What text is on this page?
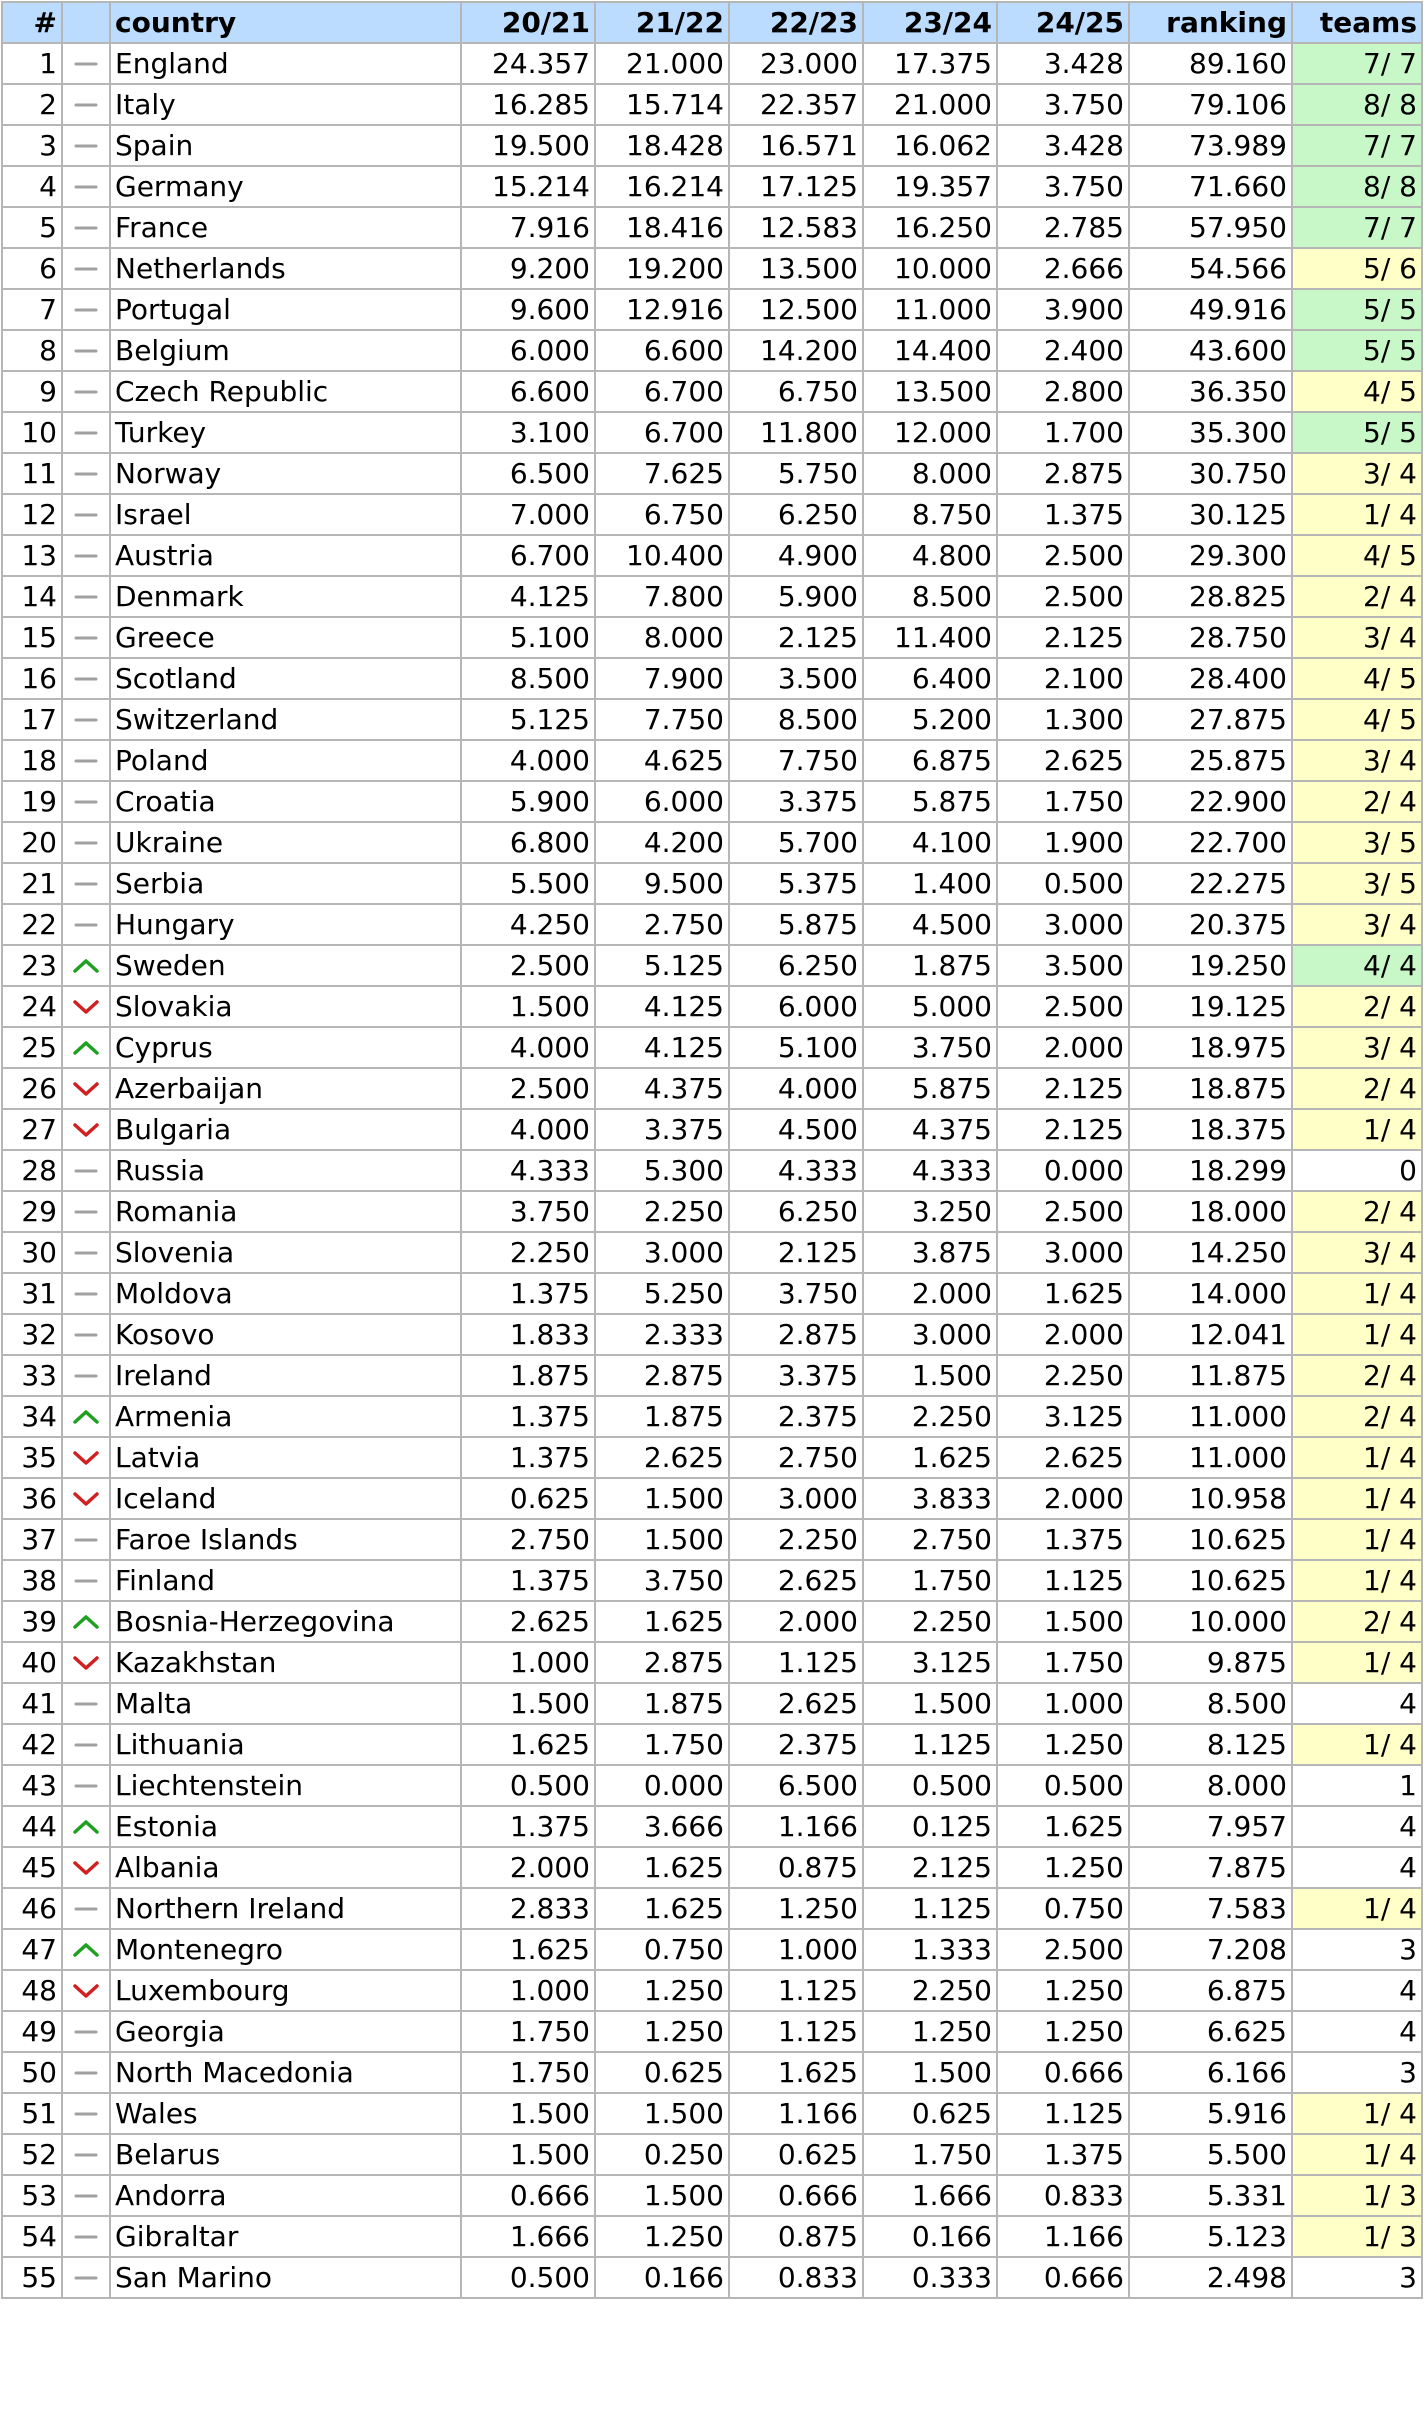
#		country	20/21	21/22	22/23	23/24	24/25	ranking	teams
1		England	24.357	21.000	23.000	17.375	3.428	89.160	7/ 7
2		Italy	16.285	15.714	22.357	21.000	3.750	79.106	8/ 8
3		Spain	19.500	18.428	16.571	16.062	3.428	73.989	7/ 7
4		Germany	15.214	16.214	17.125	19.357	3.750	71.660	8/ 8
5		France	7.916	18.416	12.583	16.250	2.785	57.950	7/ 7
6		Netherlands	9.200	19.200	13.500	10.000	2.666	54.566	5/ 6
7		Portugal	9.600	12.916	12.500	11.000	3.900	49.916	5/ 5
8		Belgium	6.000	6.600	14.200	14.400	2.400	43.600	5/ 5
9		Czech Republic	6.600	6.700	6.750	13.500	2.800	36.350	4/ 5
10		Turkey	3.100	6.700	11.800	12.000	1.700	35.300	5/ 5
11		Norway	6.500	7.625	5.750	8.000	2.875	30.750	3/ 4
12		Israel	7.000	6.750	6.250	8.750	1.375	30.125	1/ 4
13		Austria	6.700	10.400	4.900	4.800	2.500	29.300	4/ 5
14		Denmark	4.125	7.800	5.900	8.500	2.500	28.825	2/ 4
15		Greece	5.100	8.000	2.125	11.400	2.125	28.750	3/ 4
16		Scotland	8.500	7.900	3.500	6.400	2.100	28.400	4/ 5
17		Switzerland	5.125	7.750	8.500	5.200	1.300	27.875	4/ 5
18		Poland	4.000	4.625	7.750	6.875	2.625	25.875	3/ 4
19		Croatia	5.900	6.000	3.375	5.875	1.750	22.900	2/ 4
20		Ukraine	6.800	4.200	5.700	4.100	1.900	22.700	3/ 5
21		Serbia	5.500	9.500	5.375	1.400	0.500	22.275	3/ 5
22		Hungary	4.250	2.750	5.875	4.500	3.000	20.375	3/ 4
23		Sweden	2.500	5.125	6.250	1.875	3.500	19.250	4/ 4
24		Slovakia	1.500	4.125	6.000	5.000	2.500	19.125	2/ 4
25		Cyprus	4.000	4.125	5.100	3.750	2.000	18.975	3/ 4
26		Azerbaijan	2.500	4.375	4.000	5.875	2.125	18.875	2/ 4
27		Bulgaria	4.000	3.375	4.500	4.375	2.125	18.375	1/ 4
28		Russia	4.333	5.300	4.333	4.333	0.000	18.299	0
29		Romania	3.750	2.250	6.250	3.250	2.500	18.000	2/ 4
30		Slovenia	2.250	3.000	2.125	3.875	3.000	14.250	3/ 4
31		Moldova	1.375	5.250	3.750	2.000	1.625	14.000	1/ 4
32		Kosovo	1.833	2.333	2.875	3.000	2.000	12.041	1/ 4
33		Ireland	1.875	2.875	3.375	1.500	2.250	11.875	2/ 4
34		Armenia	1.375	1.875	2.375	2.250	3.125	11.000	2/ 4
35		Latvia	1.375	2.625	2.750	1.625	2.625	11.000	1/ 4
36		Iceland	0.625	1.500	3.000	3.833	2.000	10.958	1/ 4
37		Faroe Islands	2.750	1.500	2.250	2.750	1.375	10.625	1/ 4
38		Finland	1.375	3.750	2.625	1.750	1.125	10.625	1/ 4
39		Bosnia-Herzegovina	2.625	1.625	2.000	2.250	1.500	10.000	2/ 4
40		Kazakhstan	1.000	2.875	1.125	3.125	1.750	9.875	1/ 4
41		Malta	1.500	1.875	2.625	1.500	1.000	8.500	4
42		Lithuania	1.625	1.750	2.375	1.125	1.250	8.125	1/ 4
43		Liechtenstein	0.500	0.000	6.500	0.500	0.500	8.000	1
44		Estonia	1.375	3.666	1.166	0.125	1.625	7.957	4
45		Albania	2.000	1.625	0.875	2.125	1.250	7.875	4
46		Northern Ireland	2.833	1.625	1.250	1.125	0.750	7.583	1/ 4
47		Montenegro	1.625	0.750	1.000	1.333	2.500	7.208	3
48		Luxembourg	1.000	1.250	1.125	2.250	1.250	6.875	4
49		Georgia	1.750	1.250	1.125	1.250	1.250	6.625	4
50		North Macedonia	1.750	0.625	1.625	1.500	0.666	6.166	3
51		Wales	1.500	1.500	1.166	0.625	1.125	5.916	1/ 4
52		Belarus	1.500	0.250	0.625	1.750	1.375	5.500	1/ 4
53		Andorra	0.666	1.500	0.666	1.666	0.833	5.331	1/ 3
54		Gibraltar	1.666	1.250	0.875	0.166	1.166	5.123	1/ 3
55		San Marino	0.500	0.166	0.833	0.333	0.666	2.498	3
